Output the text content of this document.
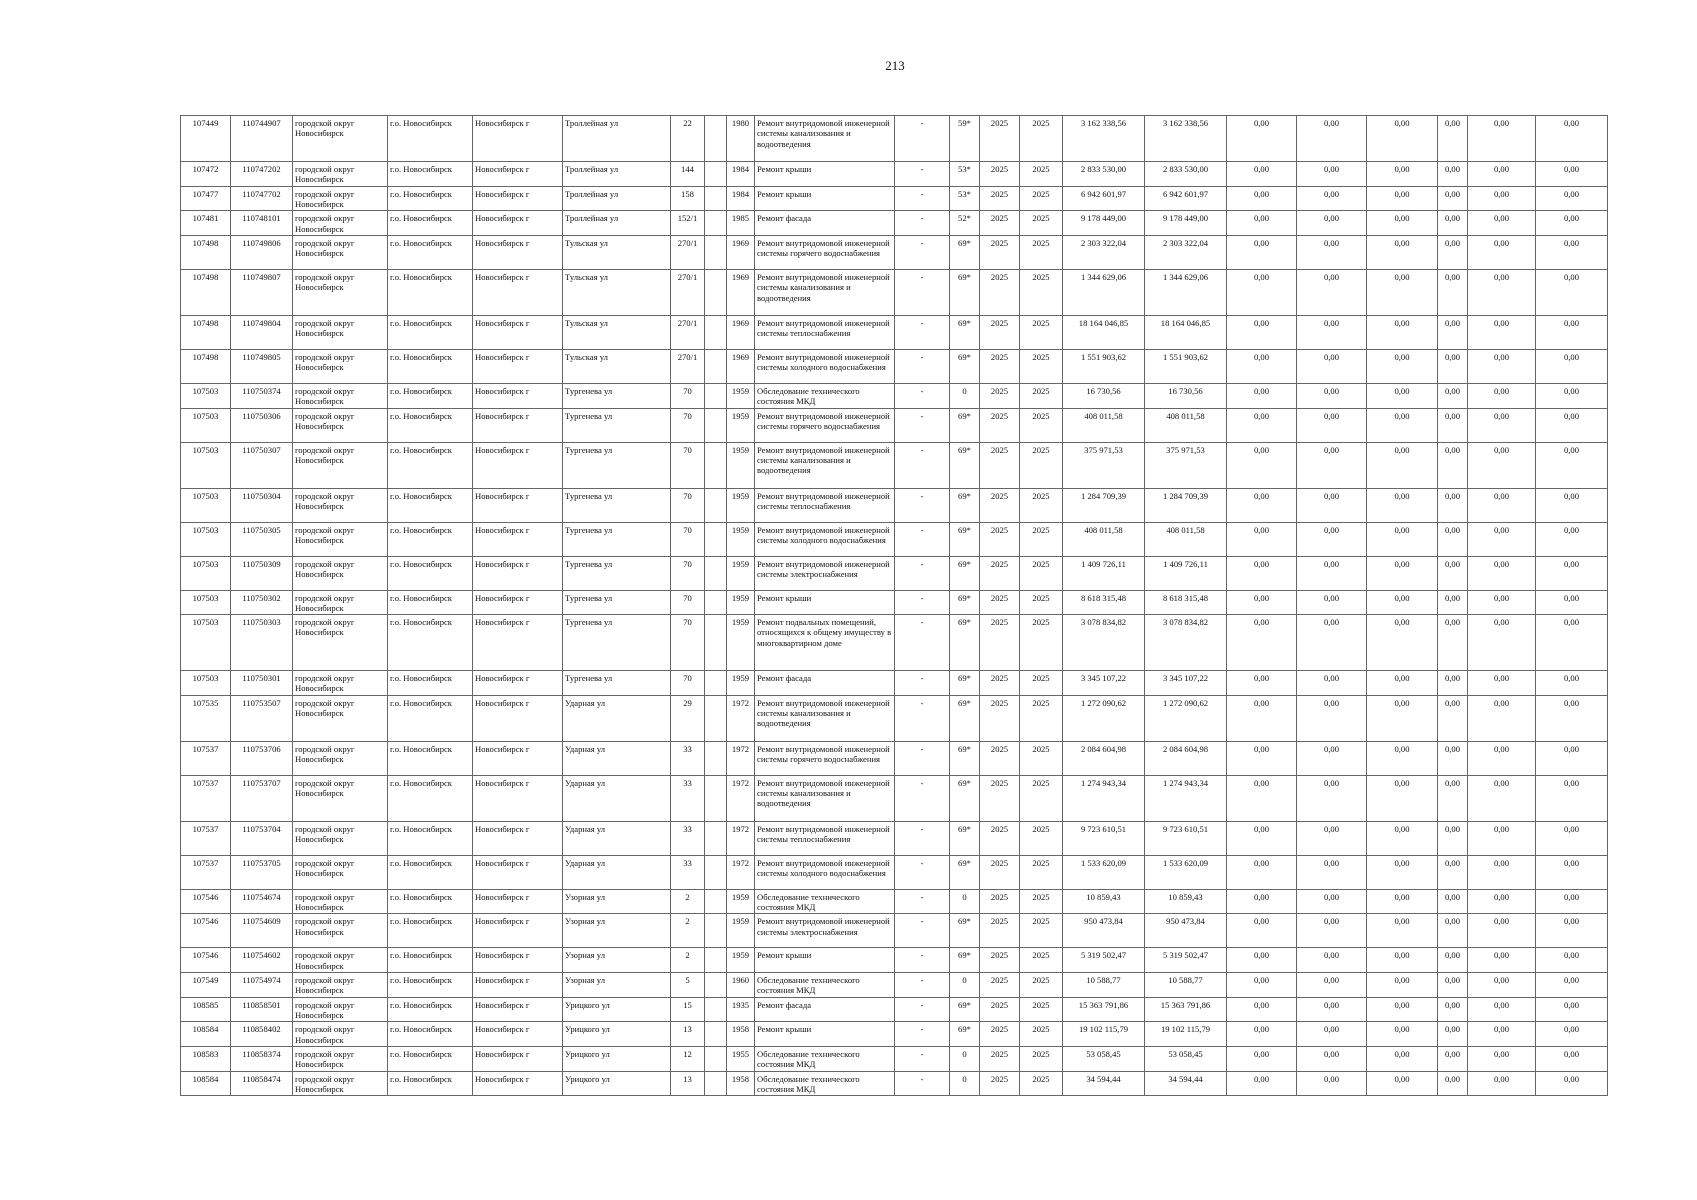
213
107449	110744907	городской округ Новосибирск	г.о. Новосибирск	Новосибирск г	Троллейная ул	22		1980	Ремонт внутридомовой инженерной системы канализования и водоотведения	-	59*	2025	2025	3 162 338,56	3 162 338,56	0,00	0,00	0,00	0,00	0,00	0,00
107472	110747202	городской округ Новосибирск	г.о. Новосибирск	Новосибирск г	Троллейная ул	144		1984	Ремонт крыши	-	53*	2025	2025	2 833 530,00	2 833 530,00	0,00	0,00	0,00	0,00	0,00	0,00
107477	110747702	городской округ Новосибирск	г.о. Новосибирск	Новосибирск г	Троллейная ул	158		1984	Ремонт крыши	-	53*	2025	2025	6 942 601,97	6 942 601,97	0,00	0,00	0,00	0,00	0,00	0,00
107481	110748101	городской округ Новосибирск	г.о. Новосибирск	Новосибирск г	Троллейная ул	152/1		1985	Ремонт фасада	-	52*	2025	2025	9 178 449,00	9 178 449,00	0,00	0,00	0,00	0,00	0,00	0,00
107498	110749806	городской округ Новосибирск	г.о. Новосибирск	Новосибирск г	Тульская ул	270/1		1969	Ремонт внутридомовой инженерной системы горячего водоснабжения	-	69*	2025	2025	2 303 322,04	2 303 322,04	0,00	0,00	0,00	0,00	0,00	0,00
107498	110749807	городской округ Новосибирск	г.о. Новосибирск	Новосибирск г	Тульская ул	270/1		1969	Ремонт внутридомовой инженерной системы канализования и водоотведения	-	69*	2025	2025	1 344 629,06	1 344 629,06	0,00	0,00	0,00	0,00	0,00	0,00
107498	110749804	городской округ Новосибирск	г.о. Новосибирск	Новосибирск г	Тульская ул	270/1		1969	Ремонт внутридомовой инженерной системы теплоснабжения	-	69*	2025	2025	18 164 046,85	18 164 046,85	0,00	0,00	0,00	0,00	0,00	0,00
107498	110749805	городской округ Новосибирск	г.о. Новосибирск	Новосибирск г	Тульская ул	270/1		1969	Ремонт внутридомовой инженерной системы холодного водоснабжения	-	69*	2025	2025	1 551 903,62	1 551 903,62	0,00	0,00	0,00	0,00	0,00	0,00
107503	110750374	городской округ Новосибирск	г.о. Новосибирск	Новосибирск г	Тургенева ул	70		1959	Обследование технического состояния МКД	-	0	2025	2025	16 730,56	16 730,56	0,00	0,00	0,00	0,00	0,00	0,00
107503	110750306	городской округ Новосибирск	г.о. Новосибирск	Новосибирск г	Тургенева ул	70		1959	Ремонт внутридомовой инженерной системы горячего водоснабжения	-	69*	2025	2025	408 011,58	408 011,58	0,00	0,00	0,00	0,00	0,00	0,00
107503	110750307	городской округ Новосибирск	г.о. Новосибирск	Новосибирск г	Тургенева ул	70		1959	Ремонт внутридомовой инженерной системы канализования и водоотведения	-	69*	2025	2025	375 971,53	375 971,53	0,00	0,00	0,00	0,00	0,00	0,00
107503	110750304	городской округ Новосибирск	г.о. Новосибирск	Новосибирск г	Тургенева ул	70		1959	Ремонт внутридомовой инженерной системы теплоснабжения	-	69*	2025	2025	1 284 709,39	1 284 709,39	0,00	0,00	0,00	0,00	0,00	0,00
107503	110750305	городской округ Новосибирск	г.о. Новосибирск	Новосибирск г	Тургенева ул	70		1959	Ремонт внутридомовой инженерной системы холодного водоснабжения	-	69*	2025	2025	408 011,58	408 011,58	0,00	0,00	0,00	0,00	0,00	0,00
107503	110750309	городской округ Новосибирск	г.о. Новосибирск	Новосибирск г	Тургенева ул	70		1959	Ремонт внутридомовой инженерной системы электроснабжения	-	69*	2025	2025	1 409 726,11	1 409 726,11	0,00	0,00	0,00	0,00	0,00	0,00
107503	110750302	городской округ Новосибирск	г.о. Новосибирск	Новосибирск г	Тургенева ул	70		1959	Ремонт крыши	-	69*	2025	2025	8 618 315,48	8 618 315,48	0,00	0,00	0,00	0,00	0,00	0,00
107503	110750303	городской округ Новосибирск	г.о. Новосибирск	Новосибирск г	Тургенева ул	70		1959	Ремонт подвальных помещений, относящихся к общему имуществу в многоквартирном доме	-	69*	2025	2025	3 078 834,82	3 078 834,82	0,00	0,00	0,00	0,00	0,00	0,00
107503	110750301	городской округ Новосибирск	г.о. Новосибирск	Новосибирск г	Тургенева ул	70		1959	Ремонт фасада	-	69*	2025	2025	3 345 107,22	3 345 107,22	0,00	0,00	0,00	0,00	0,00	0,00
107535	110753507	городской округ Новосибирск	г.о. Новосибирск	Новосибирск г	Ударная ул	29		1972	Ремонт внутридомовой инженерной системы канализования и водоотведения	-	69*	2025	2025	1 272 090,62	1 272 090,62	0,00	0,00	0,00	0,00	0,00	0,00
107537	110753706	городской округ Новосибирск	г.о. Новосибирск	Новосибирск г	Ударная ул	33		1972	Ремонт внутридомовой инженерной системы горячего водоснабжения	-	69*	2025	2025	2 084 604,98	2 084 604,98	0,00	0,00	0,00	0,00	0,00	0,00
107537	110753707	городской округ Новосибирск	г.о. Новосибирск	Новосибирск г	Ударная ул	33		1972	Ремонт внутридомовой инженерной системы канализования и водоотведения	-	69*	2025	2025	1 274 943,34	1 274 943,34	0,00	0,00	0,00	0,00	0,00	0,00
107537	110753704	городской округ Новосибирск	г.о. Новосибирск	Новосибирск г	Ударная ул	33		1972	Ремонт внутридомовой инженерной системы теплоснабжения	-	69*	2025	2025	9 723 610,51	9 723 610,51	0,00	0,00	0,00	0,00	0,00	0,00
107537	110753705	городской округ Новосибирск	г.о. Новосибирск	Новосибирск г	Ударная ул	33		1972	Ремонт внутридомовой инженерной системы холодного водоснабжения	-	69*	2025	2025	1 533 620,09	1 533 620,09	0,00	0,00	0,00	0,00	0,00	0,00
107546	110754674	городской округ Новосибирск	г.о. Новосибирск	Новосибирск г	Узорная ул	2		1959	Обследование технического состояния МКД	-	0	2025	2025	10 859,43	10 859,43	0,00	0,00	0,00	0,00	0,00	0,00
107546	110754609	городской округ Новосибирск	г.о. Новосибирск	Новосибирск г	Узорная ул	2		1959	Ремонт внутридомовой инженерной системы электроснабжения	-	69*	2025	2025	950 473,84	950 473,84	0,00	0,00	0,00	0,00	0,00	0,00
107546	110754602	городской округ Новосибирск	г.о. Новосибирск	Новосибирск г	Узорная ул	2		1959	Ремонт крыши	-	69*	2025	2025	5 319 502,47	5 319 502,47	0,00	0,00	0,00	0,00	0,00	0,00
107549	110754974	городской округ Новосибирск	г.о. Новосибирск	Новосибирск г	Узорная ул	5		1960	Обследование технического состояния МКД	-	0	2025	2025	10 588,77	10 588,77	0,00	0,00	0,00	0,00	0,00	0,00
108585	110858501	городской округ Новосибирск	г.о. Новосибирск	Новосибирск г	Урицкого ул	15		1935	Ремонт фасада	-	69*	2025	2025	15 363 791,86	15 363 791,86	0,00	0,00	0,00	0,00	0,00	0,00
108584	110858402	городской округ Новосибирск	г.о. Новосибирск	Новосибирск г	Урицкого ул	13		1958	Ремонт крыши	-	69*	2025	2025	19 102 115,79	19 102 115,79	0,00	0,00	0,00	0,00	0,00	0,00
108583	110858374	городской округ Новосибирск	г.о. Новосибирск	Новосибирск г	Урицкого ул	12		1955	Обследование технического состояния МКД	-	0	2025	2025	53 058,45	53 058,45	0,00	0,00	0,00	0,00	0,00	0,00
108584	110858474	городской округ Новосибирск	г.о. Новосибирск	Новосибирск г	Урицкого ул	13		1958	Обследование технического состояния МКД	-	0	2025	2025	34 594,44	34 594,44	0,00	0,00	0,00	0,00	0,00	0,00
